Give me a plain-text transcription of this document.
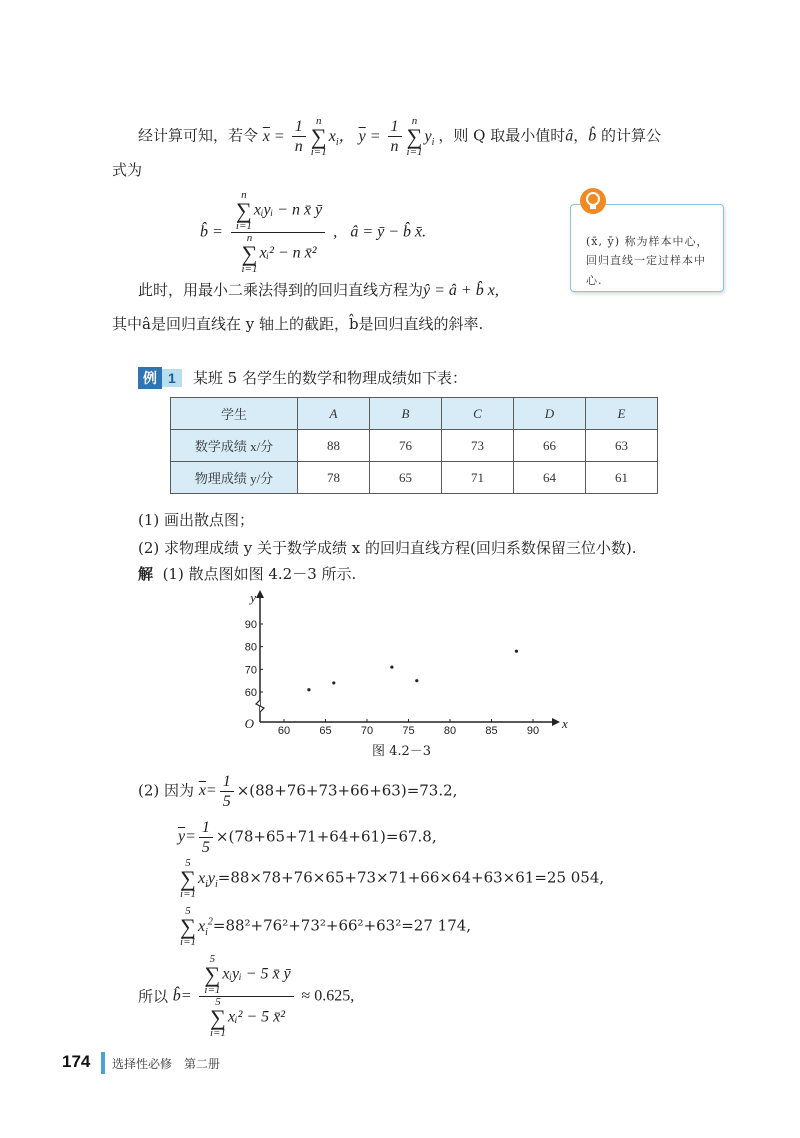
经计算可知，若令 $\overline{x} = \frac{1}{n}$ n
∑
$i=1x_i$， $\overline{y} = \frac{1}{n}$ n
∑
$i=1y_i$ ，则 Q 取最小值时â，b̂ 的计算公
式为
b̂ = n
∑
i=1xᵢyᵢ − n x̄ ȳ
n
∑
i=1xᵢ² − n x̄² ,   â = ȳ − b̂ x̄.
(x̄, ȳ) 称为样本中心，回归直线一定过样本中心.
此时，用最小二乘法得到的回归直线方程为ŷ = â + b̂ x,
其中â是回归直线在 y 轴上的截距，b̂是回归直线的斜率.
例 1 某班 5 名学生的数学和物理成绩如下表：
学生	A	B	C	D	E
数学成绩 x/分	88	76	73	66	63
物理成绩 y/分	78	65	71	64	61
(1) 画出散点图；
(2) 求物理成绩 y 关于数学成绩 x 的回归直线方程(回归系数保留三位小数).
解 (1) 散点图如图 4.2－3 所示.
y
x
O 60	65	70	75	80	85	90
60
70
80
90
图 4.2－3
(2) 因为 $\overline{x}= \frac{1}{5} \times(88+76+73+66+63)=73.2$,
$\overline{y}= \frac{1}{5} \times(78+65+71+64+61)=67.8$,
5
∑
$i=1x_iy_i=88\times 78+76\times 65+73\times 71+66\times 64+63\times 61=25$ 054,
5
∑
$i=1x_i^2=88^2+76^2+73^2+66^2+63^2=27$ 174,
所以 b̂= 5
∑
i=1xᵢyᵢ − 5 x̄ ȳ
5
∑
i=1xᵢ² − 5 x̄² ≈ 0.625,
174 选择性必修　第二册
